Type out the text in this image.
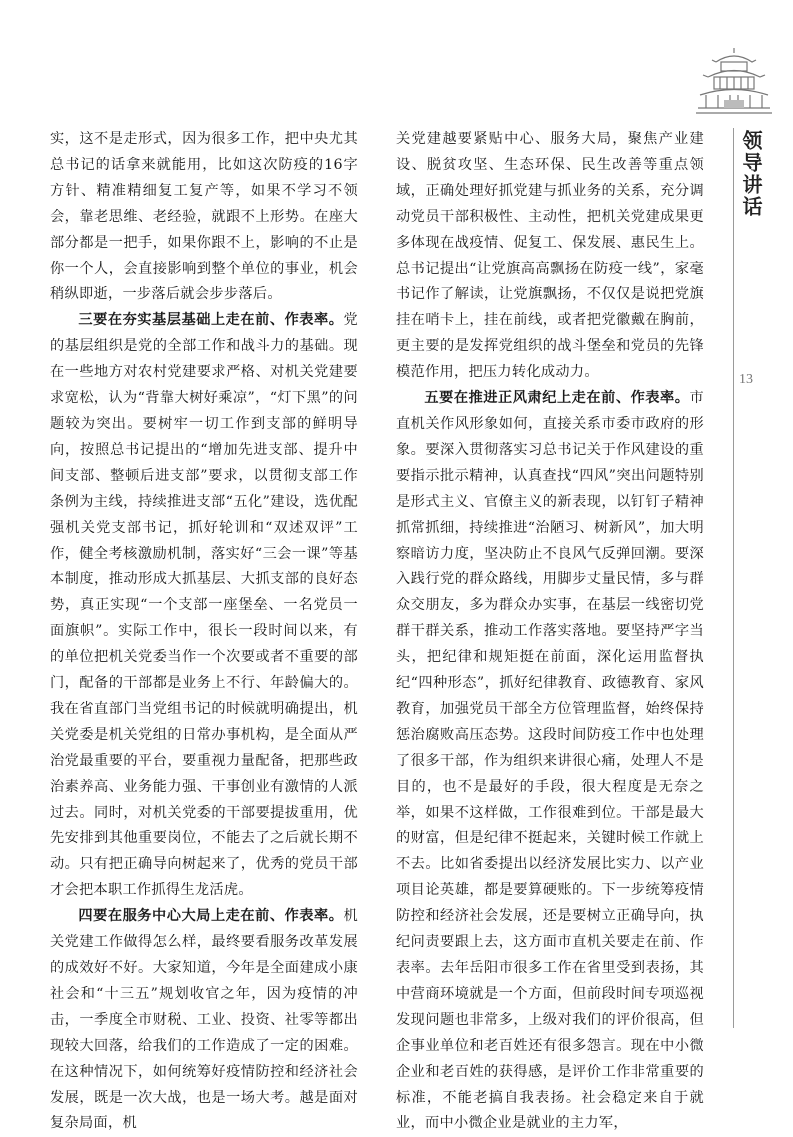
领导讲话
13

实，这不是走形式，因为很多工作，把中央尤其总书记的话拿来就能用，比如这次防疫的16字方针、精准精细复工复产等，如果不学习不领会，靠老思维、老经验，就跟不上形势。在座大部分都是一把手，如果你跟不上，影响的不止是你一个人，会直接影响到整个单位的事业，机会稍纵即逝，一步落后就会步步落后。

三要在夯实基层基础上走在前、作表率。党的基层组织是党的全部工作和战斗力的基础。现在一些地方对农村党建要求严格、对机关党建要求宽松，认为“背靠大树好乘凉”，“灯下黑”的问题较为突出。要树牢一切工作到支部的鲜明导向，按照总书记提出的“增加先进支部、提升中间支部、整顿后进支部”要求，以贯彻支部工作条例为主线，持续推进支部“五化”建设，选优配强机关党支部书记，抓好轮训和“双述双评”工作，健全考核激励机制，落实好“三会一课”等基本制度，推动形成大抓基层、大抓支部的良好态势，真正实现“一个支部一座堡垒、一名党员一面旗帜”。实际工作中，很长一段时间以来，有的单位把机关党委当作一个次要或者不重要的部门，配备的干部都是业务上不行、年龄偏大的。我在省直部门当党组书记的时候就明确提出，机关党委是机关党组的日常办事机构，是全面从严治党最重要的平台，要重视力量配备，把那些政治素养高、业务能力强、干事创业有激情的人派过去。同时，对机关党委的干部要提拔重用，优先安排到其他重要岗位，不能去了之后就长期不动。只有把正确导向树起来了，优秀的党员干部才会把本职工作抓得生龙活虎。

四要在服务中心大局上走在前、作表率。机关党建工作做得怎么样，最终要看服务改革发展的成效好不好。大家知道，今年是全面建成小康社会和“十三五”规划收官之年，因为疫情的冲击，一季度全市财税、工业、投资、社零等都出现较大回落，给我们的工作造成了一定的困难。在这种情况下，如何统筹好疫情防控和经济社会发展，既是一次大战，也是一场大考。越是面对复杂局面，机

关党建越要紧贴中心、服务大局，聚焦产业建设、脱贫攻坚、生态环保、民生改善等重点领域，正确处理好抓党建与抓业务的关系，充分调动党员干部积极性、主动性，把机关党建成果更多体现在战疫情、促复工、保发展、惠民生上。总书记提出“让党旗高高飘扬在防疫一线”，家毫书记作了解读，让党旗飘扬，不仅仅是说把党旗挂在哨卡上，挂在前线，或者把党徽戴在胸前，更主要的是发挥党组织的战斗堡垒和党员的先锋模范作用，把压力转化成动力。

五要在推进正风肃纪上走在前、作表率。市直机关作风形象如何，直接关系市委市政府的形象。要深入贯彻落实习总书记关于作风建设的重要指示批示精神，认真查找“四风”突出问题特别是形式主义、官僚主义的新表现，以钉钉子精神抓常抓细，持续推进“治陋习、树新风”，加大明察暗访力度，坚决防止不良风气反弹回潮。要深入践行党的群众路线，用脚步丈量民情，多与群众交朋友，多为群众办实事，在基层一线密切党群干群关系，推动工作落实落地。要坚持严字当头，把纪律和规矩挺在前面，深化运用监督执纪“四种形态”，抓好纪律教育、政德教育、家风教育，加强党员干部全方位管理监督，始终保持惩治腐败高压态势。这段时间防疫工作中也处理了很多干部，作为组织来讲很心痛，处理人不是目的，也不是最好的手段，很大程度是无奈之举，如果不这样做，工作很难到位。干部是最大的财富，但是纪律不挺起来，关键时候工作就上不去。比如省委提出以经济发展比实力、以产业项目论英雄，都是要算硬账的。下一步统筹疫情防控和经济社会发展，还是要树立正确导向，执纪问责要跟上去，这方面市直机关要走在前、作表率。去年岳阳市很多工作在省里受到表扬，其中营商环境就是一个方面，但前段时间专项巡视发现问题也非常多，上级对我们的评价很高，但企事业单位和老百姓还有很多怨言。现在中小微企业和老百姓的获得感，是评价工作非常重要的标准，不能老搞自我表扬。社会稳定来自于就业，而中小微企业是就业的主力军，
